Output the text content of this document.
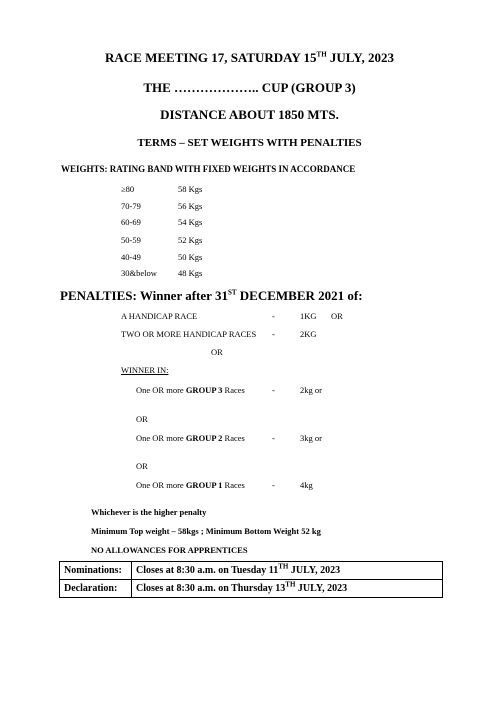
RACE MEETING 17, SATURDAY 15TH JULY, 2023
THE ……………….. CUP (GROUP 3)
DISTANCE ABOUT 1850 MTS.
TERMS – SET WEIGHTS WITH PENALTIES
WEIGHTS: RATING BAND WITH FIXED WEIGHTS IN ACCORDANCE
≥80	58 Kgs
70-79	56 Kgs
60-69	54 Kgs
50-59	52 Kgs
40-49	50 Kgs
30&below 48 Kgs
PENALTIES: Winner after 31ST DECEMBER 2021 of:
A HANDICAP RACE	-	1KG OR
TWO OR MORE HANDICAP RACES -	2KG
OR
WINNER IN:
One OR more GROUP 3 Races	-	2kg or
OR
One OR more GROUP 2 Races	-	3kg or
OR
One OR more GROUP 1 Races	-	4kg
Whichever is the higher penalty
Minimum Top weight – 58kgs ; Minimum Bottom Weight 52 kg
NO ALLOWANCES FOR APPRENTICES
Nominations:	Closes at 8:30 a.m. on Tuesday 11TH JULY, 2023
Declaration:	Closes at 8:30 a.m. on Thursday 13TH JULY, 2023
